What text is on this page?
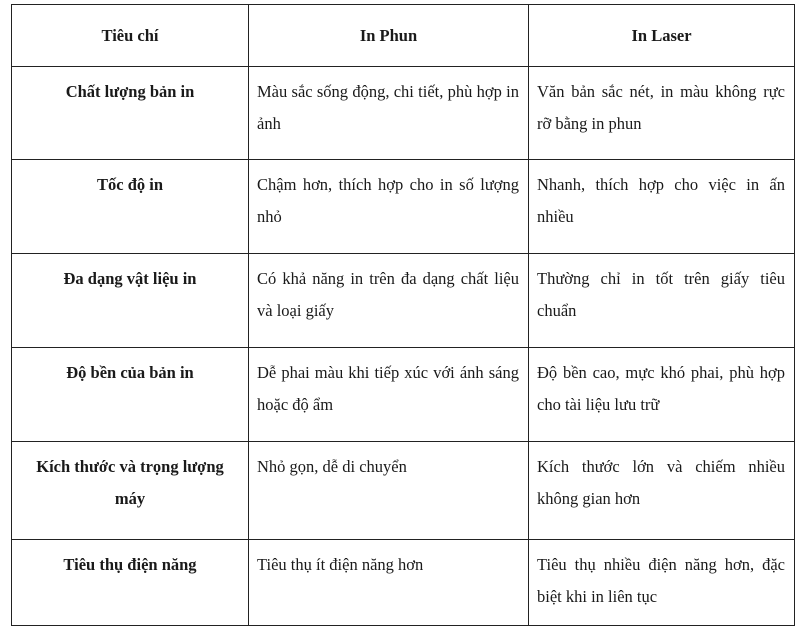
Tiêu chí	In Phun	In Laser
Chất lượng bản in	Màu sắc sống động, chi tiết, phù hợp in ảnh	Văn bản sắc nét, in màu không rực rỡ bằng in phun
Tốc độ in	Chậm hơn, thích hợp cho in số lượng nhỏ	Nhanh, thích hợp cho việc in ấn nhiều
Đa dạng vật liệu in	Có khả năng in trên đa dạng chất liệu và loại giấy	Thường chỉ in tốt trên giấy tiêu chuẩn
Độ bền của bản in	Dễ phai màu khi tiếp xúc với ánh sáng hoặc độ ẩm	Độ bền cao, mực khó phai, phù hợp cho tài liệu lưu trữ
Kích thước và trọng lượng máy	Nhỏ gọn, dễ di chuyển	Kích thước lớn và chiếm nhiều không gian hơn
Tiêu thụ điện năng	Tiêu thụ ít điện năng hơn	Tiêu thụ nhiều điện năng hơn, đặc biệt khi in liên tục
